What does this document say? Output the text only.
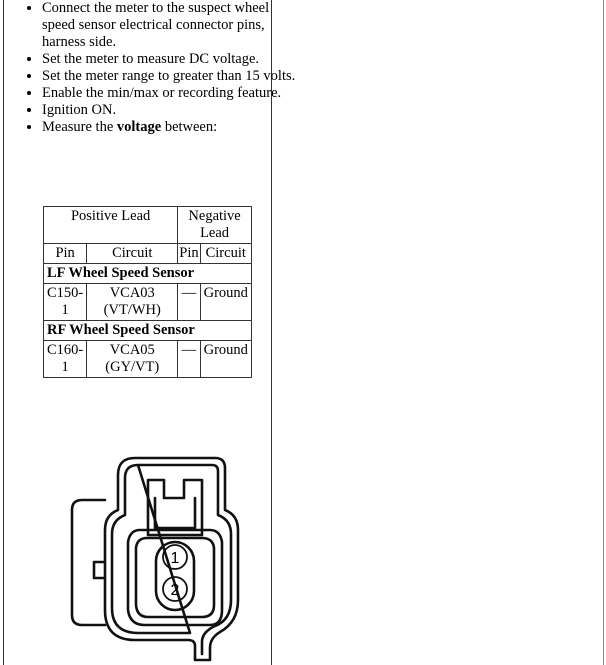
• Connect the meter to the suspect wheel speed sensor electrical connector pins, harness side.
• Set the meter to measure DC voltage.
• Set the meter range to greater than 15 volts.
• Enable the min/max or recording feature.
• Ignition ON.
• Measure the voltage between:
Positive Lead		Negative Lead	
Pin	Circuit	Pin	Circuit
LF Wheel Speed Sensor			
C150-1	VCA03 (VT/WH)	—	Ground
RF Wheel Speed Sensor			
C160-1	VCA05 (GY/VT)	—	Ground
1
2
